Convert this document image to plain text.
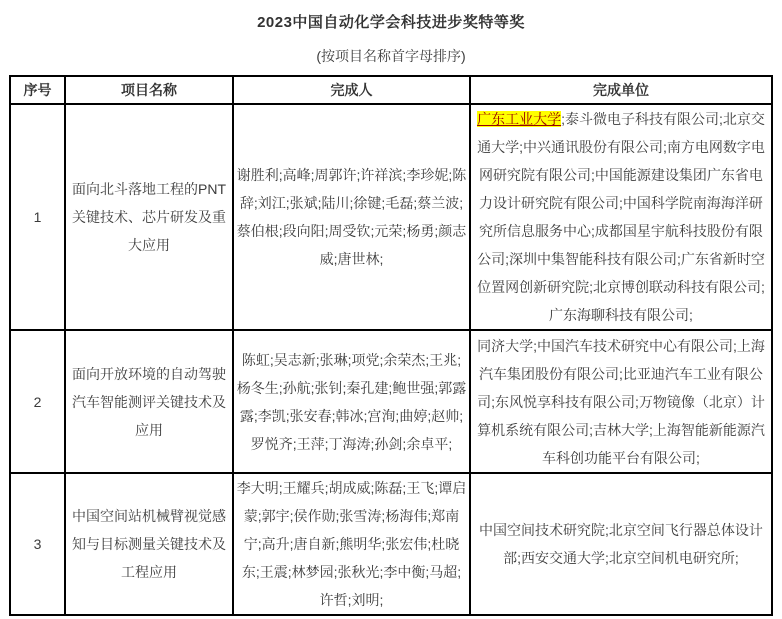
2023中国自动化学会科技进步奖特等奖
(按项目名称首字母排序)
序号	项目名称	完成人	完成单位
1	面向北斗落地工程的PNT关键技术、芯片研发及重大应用	谢胜利;高峰;周郭许;许祥滨;李珍妮;陈辞;刘江;张斌;陆川;徐键;毛磊;蔡兰波;蔡伯根;段向阳;周受钦;元荣;杨勇;颜志威;唐世林;	广东工业大学;泰斗微电子科技有限公司;北京交通大学;中兴通讯股份有限公司;南方电网数字电网研究院有限公司;中国能源建设集团广东省电力设计研究院有限公司;中国科学院南海海洋研究所信息服务中心;成都国星宇航科技股份有限公司;深圳中集智能科技有限公司;广东省新时空位置网创新研究院;北京博创联动科技有限公司;广东海聊科技有限公司;
2	面向开放环境的自动驾驶汽车智能测评关键技术及应用	陈虹;吴志新;张琳;项党;余荣杰;王兆;杨冬生;孙航;张钊;秦孔建;鲍世强;郭露露;李凯;张安春;韩冰;宫洵;曲婷;赵帅;罗悦齐;王萍;丁海涛;孙剑;余卓平;	同济大学;中国汽车技术研究中心有限公司;上海汽车集团股份有限公司;比亚迪汽车工业有限公司;东风悦享科技有限公司;万物镜像（北京）计算机系统有限公司;吉林大学;上海智能新能源汽车科创功能平台有限公司;
3	中国空间站机械臂视觉感知与目标测量关键技术及工程应用	李大明;王耀兵;胡成威;陈磊;王飞;谭启蒙;郭宇;侯作勋;张雪涛;杨海伟;郑南宁;高升;唐自新;熊明华;张宏伟;杜晓东;王震;林梦园;张秋光;李中衡;马超;许哲;刘明;	中国空间技术研究院;北京空间飞行器总体设计部;西安交通大学;北京空间机电研究所;
